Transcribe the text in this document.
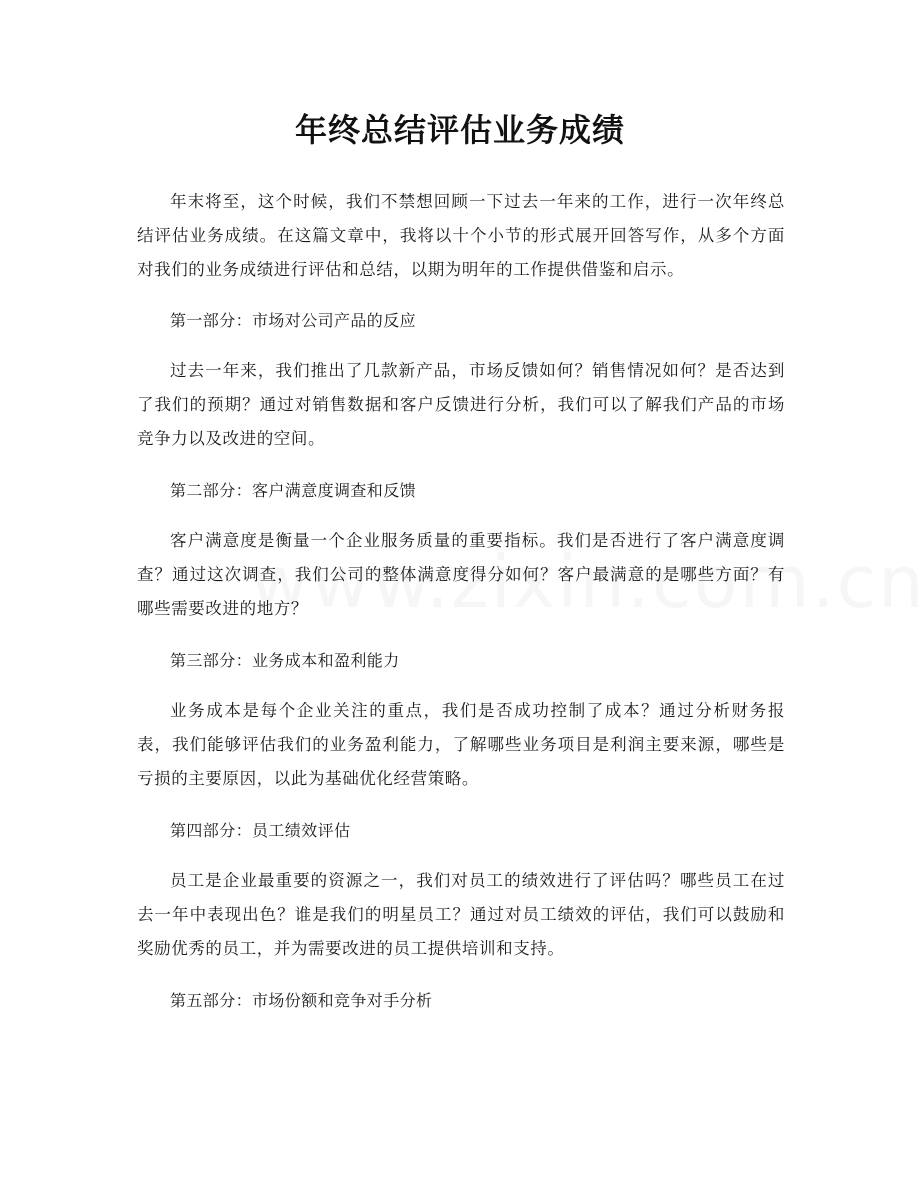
年终总结评估业务成绩

年末将至，这个时候，我们不禁想回顾一下过去一年来的工作，进行一次年终总结评估业务成绩。在这篇文章中，我将以十个小节的形式展开回答写作，从多个方面对我们的业务成绩进行评估和总结，以期为明年的工作提供借鉴和启示。

第一部分：市场对公司产品的反应

过去一年来，我们推出了几款新产品，市场反馈如何？销售情况如何？是否达到了我们的预期？通过对销售数据和客户反馈进行分析，我们可以了解我们产品的市场竞争力以及改进的空间。

第二部分：客户满意度调查和反馈

客户满意度是衡量一个企业服务质量的重要指标。我们是否进行了客户满意度调查？通过这次调查，我们公司的整体满意度得分如何？客户最满意的是哪些方面？有哪些需要改进的地方？

第三部分：业务成本和盈利能力

业务成本是每个企业关注的重点，我们是否成功控制了成本？通过分析财务报表，我们能够评估我们的业务盈利能力，了解哪些业务项目是利润主要来源，哪些是亏损的主要原因，以此为基础优化经营策略。

第四部分：员工绩效评估

员工是企业最重要的资源之一，我们对员工的绩效进行了评估吗？哪些员工在过去一年中表现出色？谁是我们的明星员工？通过对员工绩效的评估，我们可以鼓励和奖励优秀的员工，并为需要改进的员工提供培训和支持。

第五部分：市场份额和竞争对手分析
